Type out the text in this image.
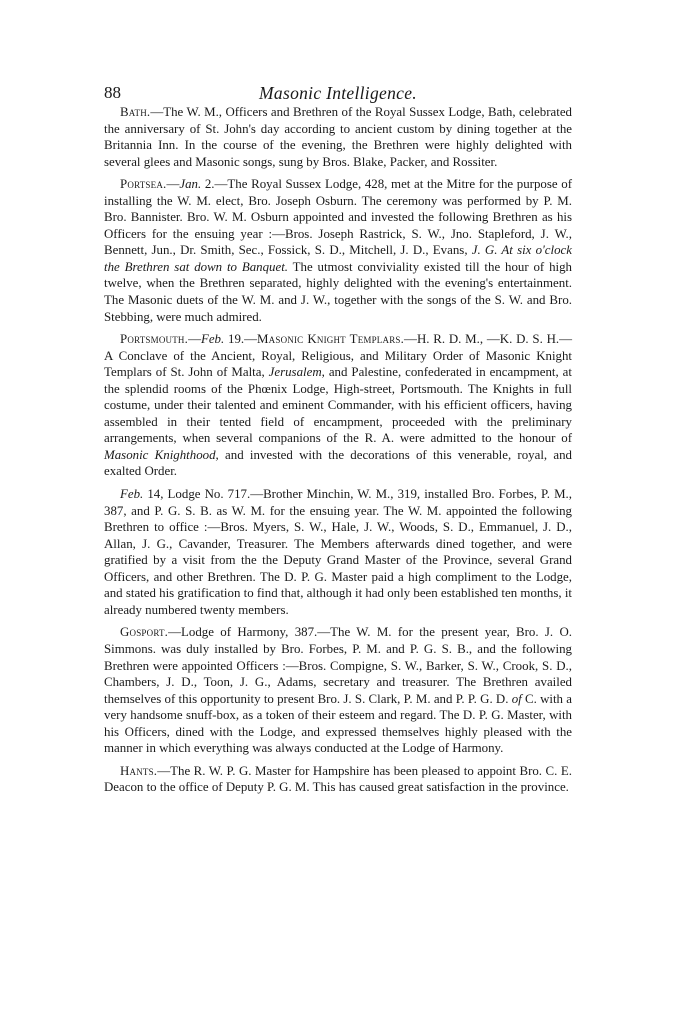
88	Masonic Intelligence.

Bath.—The W. M., Officers and Brethren of the Royal Sussex Lodge, Bath, celebrated the anniversary of St. John's day according to ancient custom by dining together at the Britannia Inn. In the course of the evening, the Brethren were highly delighted with several glees and Masonic songs, sung by Bros. Blake, Packer, and Rossiter.

Portsea.—Jan. 2.—The Royal Sussex Lodge, 428, met at the Mitre for the purpose of installing the W. M. elect, Bro. Joseph Osburn. The ceremony was performed by P. M. Bro. Bannister. Bro. W. M. Osburn appointed and invested the following Brethren as his Officers for the ensuing year :—Bros. Joseph Rastrick, S. W., Jno. Stapleford, J. W., Bennett, Jun., Dr. Smith, Sec., Fossick, S. D., Mitchell, J. D., Evans, J. G. At six o'clock the Brethren sat down to Banquet. The utmost conviviality existed till the hour of high twelve, when the Brethren separated, highly delighted with the evening's entertainment. The Masonic duets of the W. M. and J. W., together with the songs of the S. W. and Bro. Stebbing, were much admired.

Portsmouth.—Feb. 19.—Masonic Knight Templars.—H. R. D. M., —K. D. S. H.—A Conclave of the Ancient, Royal, Religious, and Military Order of Masonic Knight Templars of St. John of Malta, Jerusalem, and Palestine, confederated in encampment, at the splendid rooms of the Phœnix Lodge, High-street, Portsmouth. The Knights in full costume, under their talented and eminent Commander, with his efficient officers, having assembled in their tented field of encampment, proceeded with the preliminary arrangements, when several companions of the R. A. were admitted to the honour of Masonic Knighthood, and invested with the decorations of this venerable, royal, and exalted Order.

Feb. 14, Lodge No. 717.—Brother Minchin, W. M., 319, installed Bro. Forbes, P. M., 387, and P. G. S. B. as W. M. for the ensuing year. The W. M. appointed the following Brethren to office :—Bros. Myers, S. W., Hale, J. W., Woods, S. D., Emmanuel, J. D., Allan, J. G., Cavander, Treasurer. The Members afterwards dined together, and were gratified by a visit from the the Deputy Grand Master of the Province, several Grand Officers, and other Brethren. The D. P. G. Master paid a high compliment to the Lodge, and stated his gratification to find that, although it had only been established ten months, it already numbered twenty members.

Gosport.—Lodge of Harmony, 387.—The W. M. for the present year, Bro. J. O. Simmons. was duly installed by Bro. Forbes, P. M. and P. G. S. B., and the following Brethren were appointed Officers :—Bros. Compigne, S. W., Barker, S. W., Crook, S. D., Chambers, J. D., Toon, J. G., Adams, secretary and treasurer. The Brethren availed themselves of this opportunity to present Bro. J. S. Clark, P. M. and P. P. G. D. of C. with a very handsome snuff-box, as a token of their esteem and regard. The D. P. G. Master, with his Officers, dined with the Lodge, and expressed themselves highly pleased with the manner in which everything was always conducted at the Lodge of Harmony.

Hants.—The R. W. P. G. Master for Hampshire has been pleased to appoint Bro. C. E. Deacon to the office of Deputy P. G. M. This has caused great satisfaction in the province.
